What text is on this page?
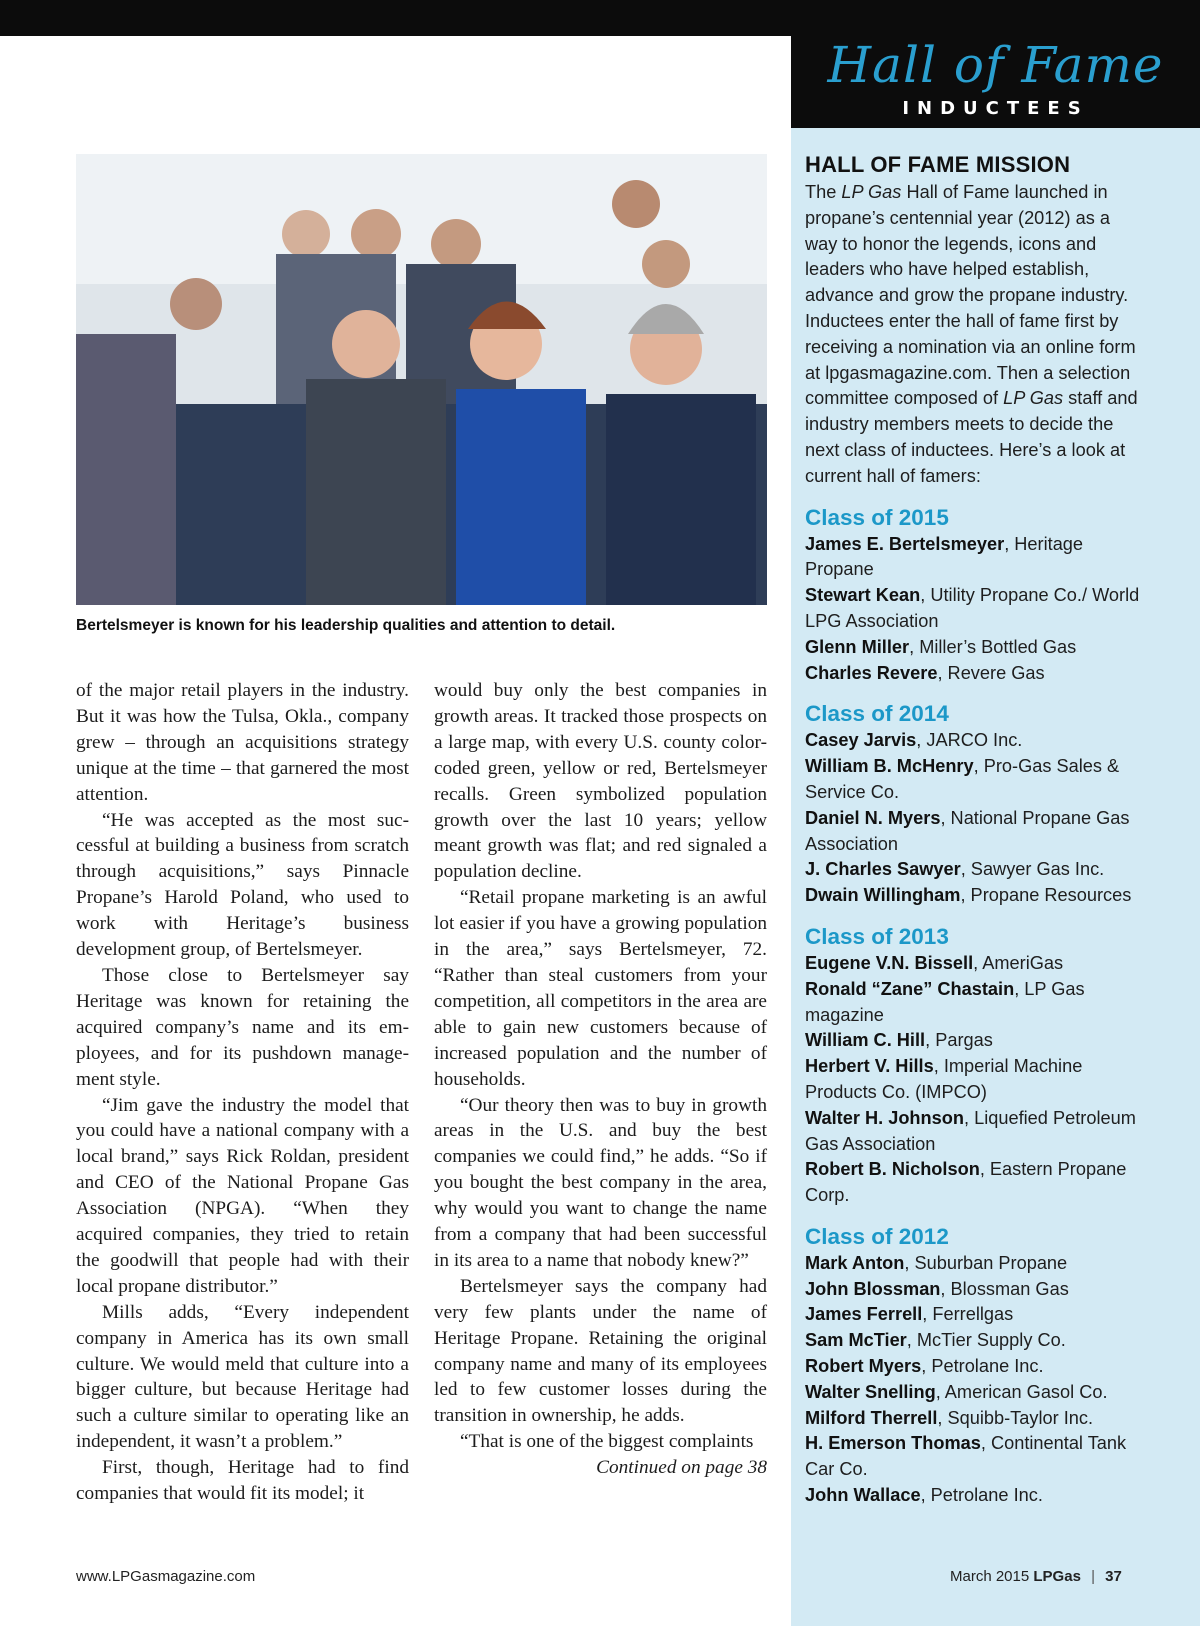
Hall of Fame
INDUCTEES
Bertelsmeyer is known for his leadership qualities and attention to detail.

of the major retail players in the industry. But it was how the Tulsa, Okla., company grew – through an acquisitions strategy unique at the time – that garnered the most attention.

“He was accepted as the most successful at building a business from scratch through acquisitions,” says Pinnacle Propane’s Harold Poland, who used to work with Heritage’s business development group, of Bertelsmeyer.

Those close to Bertelsmeyer say Heritage was known for retaining the acquired company’s name and its employees, and for its pushdown management style.

“Jim gave the industry the model that you could have a national company with a local brand,” says Rick Roldan, president and CEO of the National Propane Gas Association (NPGA). “When they acquired companies, they tried to retain the goodwill that people had with their local propane distributor.”

Mills adds, “Every independent company in America has its own small culture. We would meld that culture into a bigger culture, but because Heritage had such a culture similar to operating like an independent, it wasn’t a problem.”

First, though, Heritage had to find companies that would fit its model; it

would buy only the best companies in growth areas. It tracked those prospects on a large map, with every U.S. county color-coded green, yellow or red, Bertelsmeyer recalls. Green symbolized population growth over the last 10 years; yellow meant growth was flat; and red signaled a population decline.

“Retail propane marketing is an awful lot easier if you have a growing population in the area,” says Bertelsmeyer, 72. “Rather than steal customers from your competition, all competitors in the area are able to gain new customers because of increased population and the number of households.

“Our theory then was to buy in growth areas in the U.S. and buy the best companies we could find,” he adds. “So if you bought the best company in the area, why would you want to change the name from a company that had been successful in its area to a name that nobody knew?”

Bertelsmeyer says the company had very few plants under the name of Heritage Propane. Retaining the original company name and many of its employees led to few customer losses during the transition in ownership, he adds.

“That is one of the biggest complaints

Continued on page 38

HALL OF FAME MISSION

The LP Gas Hall of Fame launched in propane’s centennial year (2012) as a way to honor the legends, icons and leaders who have helped establish, advance and grow the propane industry. Inductees enter the hall of fame first by receiving a nomination via an online form at lpgasmagazine.com. Then a selection committee composed of LP Gas staff and industry members meets to decide the next class of inductees. Here’s a look at current hall of famers:

Class of 2015

James E. Bertelsmeyer, Heritage Propane

Stewart Kean, Utility Propane Co./ World LPG Association

Glenn Miller, Miller’s Bottled Gas

Charles Revere, Revere Gas

Class of 2014

Casey Jarvis, JARCO Inc.

William B. McHenry, Pro-Gas Sales & Service Co.

Daniel N. Myers, National Propane Gas Association

J. Charles Sawyer, Sawyer Gas Inc.

Dwain Willingham, Propane Resources

Class of 2013

Eugene V.N. Bissell, AmeriGas

Ronald “Zane” Chastain, LP Gas magazine

William C. Hill, Pargas

Herbert V. Hills, Imperial Machine Products Co. (IMPCO)

Walter H. Johnson, Liquefied Petroleum Gas Association

Robert B. Nicholson, Eastern Propane Corp.

Class of 2012

Mark Anton, Suburban Propane

John Blossman, Blossman Gas

James Ferrell, Ferrellgas

Sam McTier, McTier Supply Co.

Robert Myers, Petrolane Inc.

Walter Snelling, American Gasol Co.

Milford Therrell, Squibb-Taylor Inc.

H. Emerson Thomas, Continental Tank Car Co.

John Wallace, Petrolane Inc.

www.LPGasmagazine.com	March 2015 LPGas | 37
